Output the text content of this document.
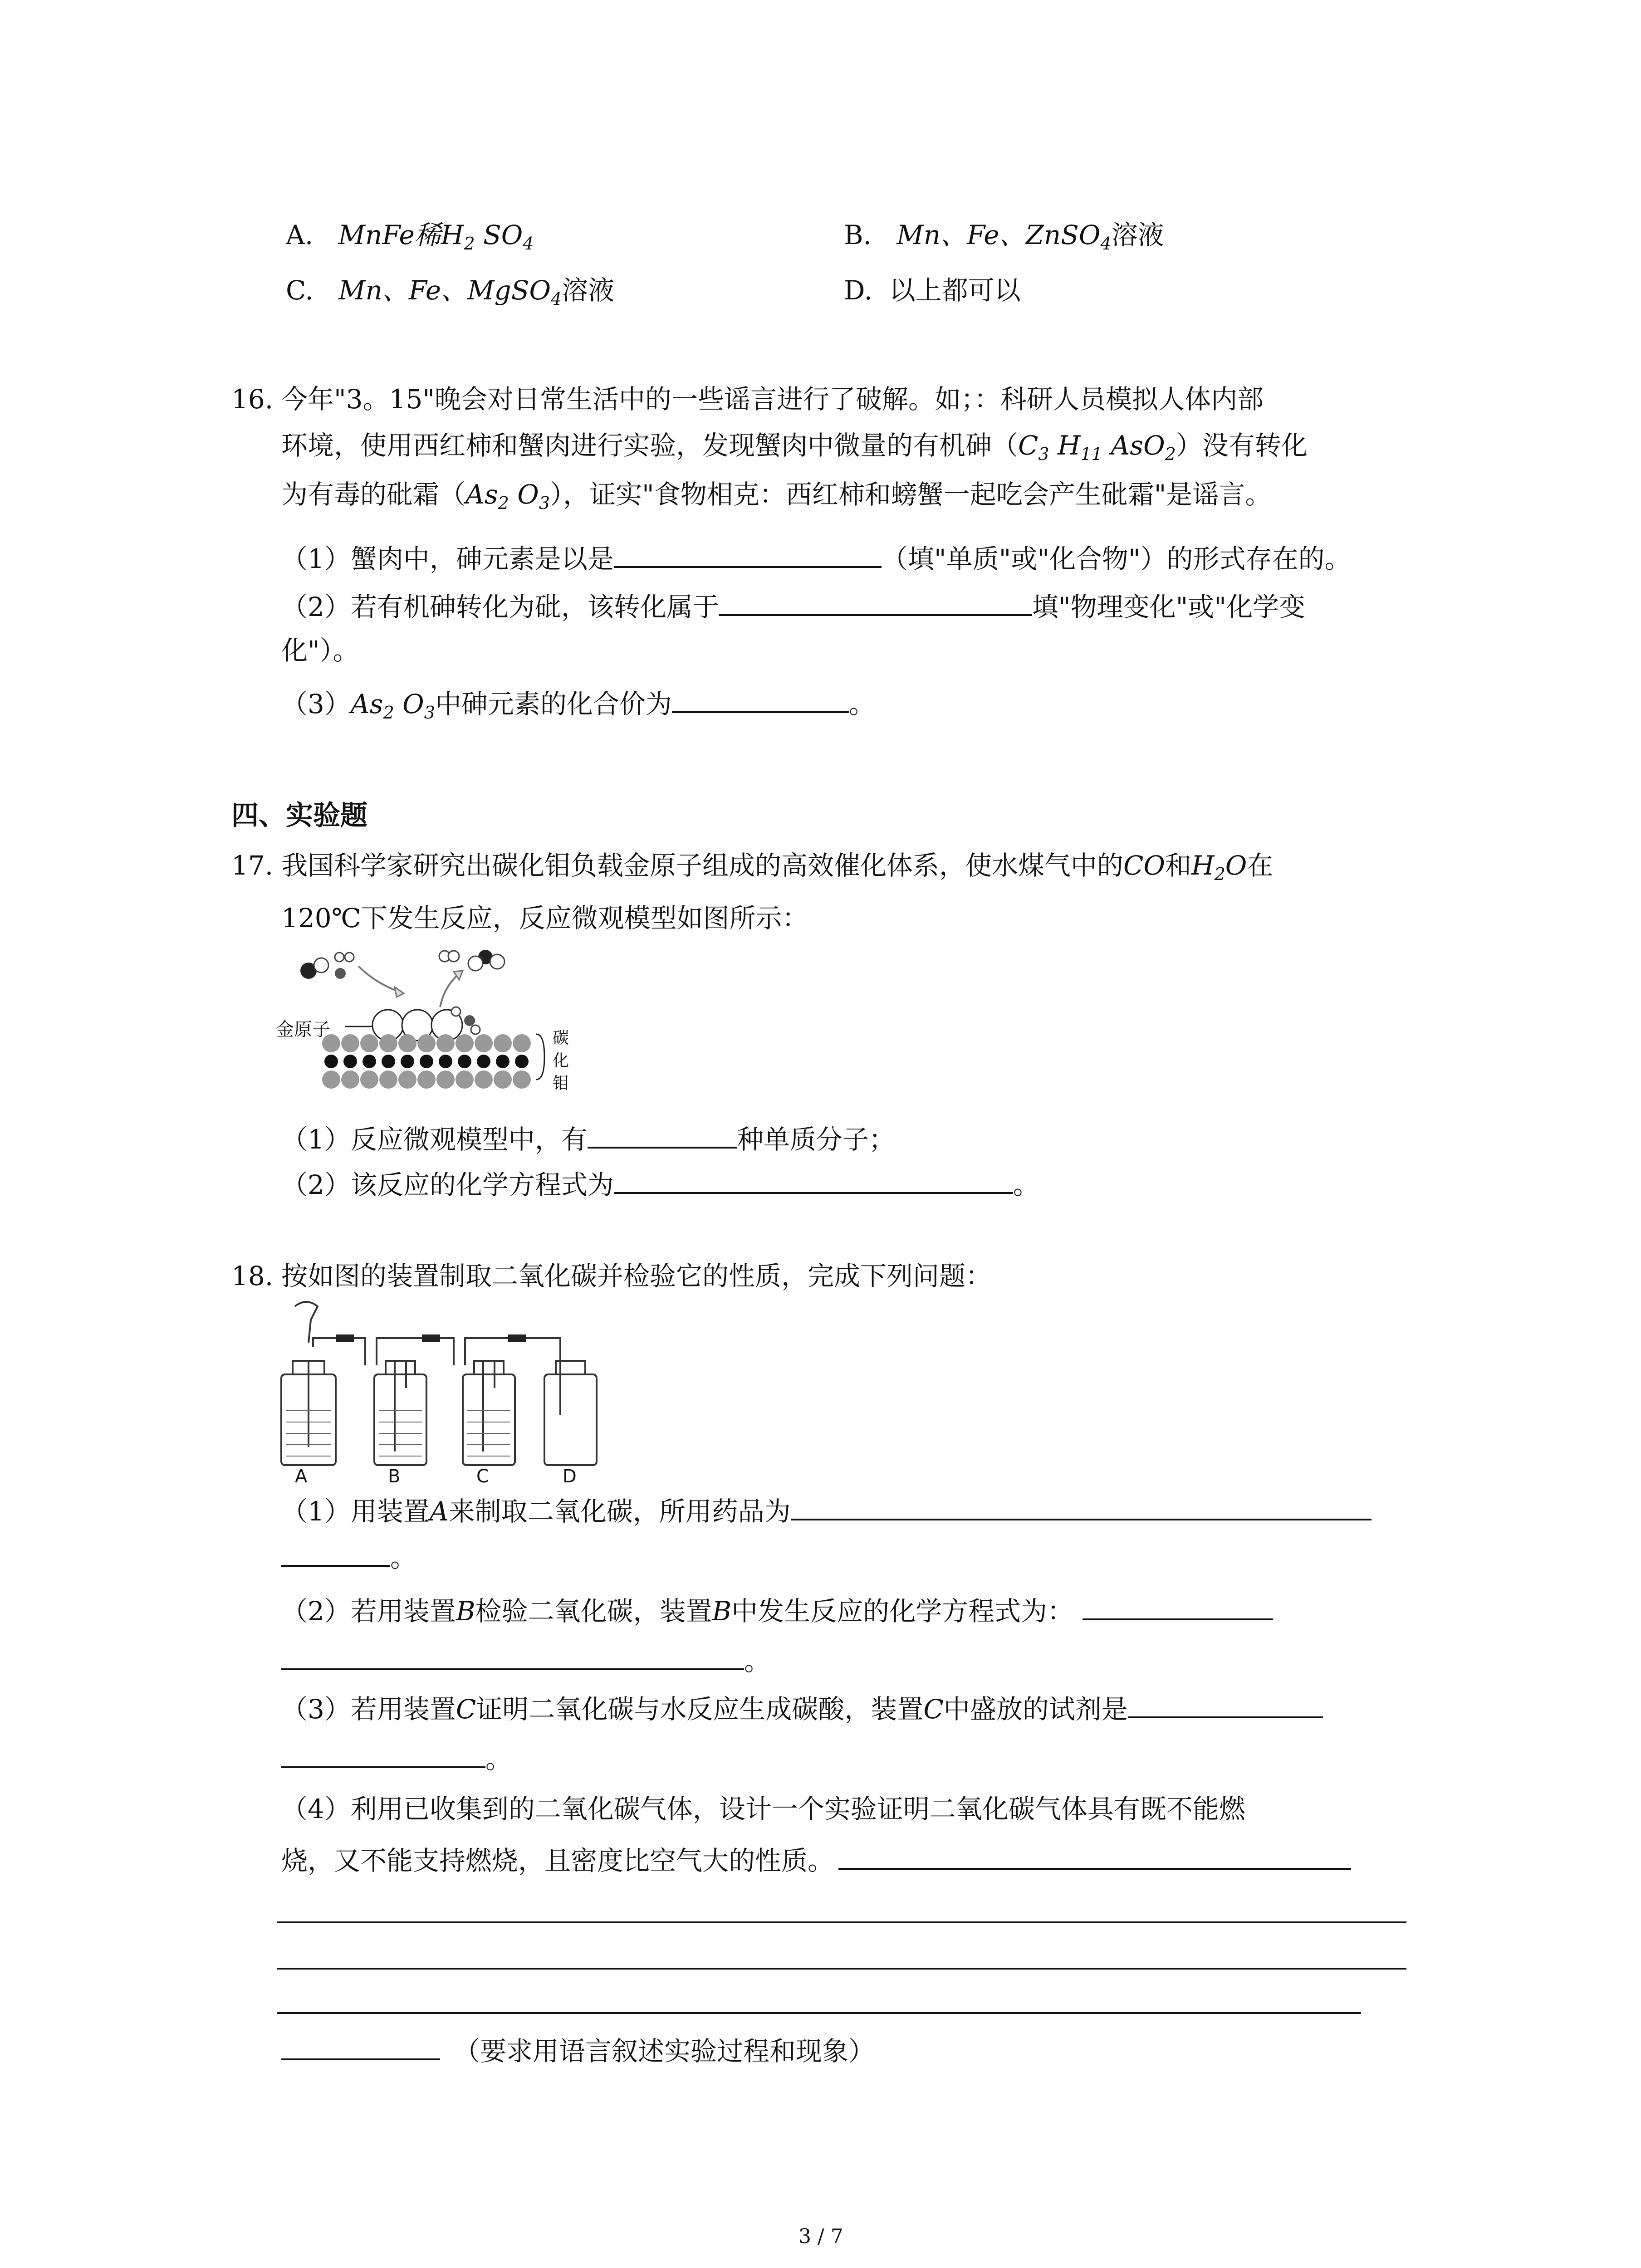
A. MnFe稀$H_2$ $SO_4$	B. Mn、Fe、ZnSO$_4$溶液
C. Mn、Fe、MgSO$_4$溶液	D. 以上都可以
16. 今年"3。15"晚会对日常生活中的一些谣言进行了破解。如；：科研人员模拟人体内部
环境，使用西红柿和蟹肉进行实验，发现蟹肉中微量的有机砷（$C_3$ $H_{11}$ AsO$_2$）没有转化
为有毒的砒霜（$As_2$ $O_3$），证实"食物相克：西红柿和螃蟹一起吃会产生砒霜"是谣言。
（1）蟹肉中，砷元素是以是	（填"单质"或"化合物"）的形式存在的。
（2）若有机砷转化为砒，该转化属于	填"物理变化"或"化学变
化"）。
$(3)As_2$ $O_3$中砷元素的化合价为	。
四、实验题
17. 我国科学家研究出碳化钼负载金原子组成的高效催化体系，使水煤气中的CO和$H_2O$在
120℃下发生反应，反应微观模型如图所示：
金原子	碳
化
钼
（1）反应微观模型中，有	种单质分子；
（2）该反应的化学方程式为	。
18. 按如图的装置制取二氧化碳并检验它的性质，完成下列问题：
A	B	C	D
（1）用装置A来制取二氧化碳，所用药品为
。
（2）若用装置B检验二氧化碳，装置B中发生反应的化学方程式为：
。
（3）若用装置C证明二氧化碳与水反应生成碳酸，装置C中盛放的试剂是
。
（4）利用已收集到的二氧化碳气体，设计一个实验证明二氧化碳气体具有既不能燃
烧，又不能支持燃烧，且密度比空气大的性质。
（要求用语言叙述实验过程和现象）
3 / 7
